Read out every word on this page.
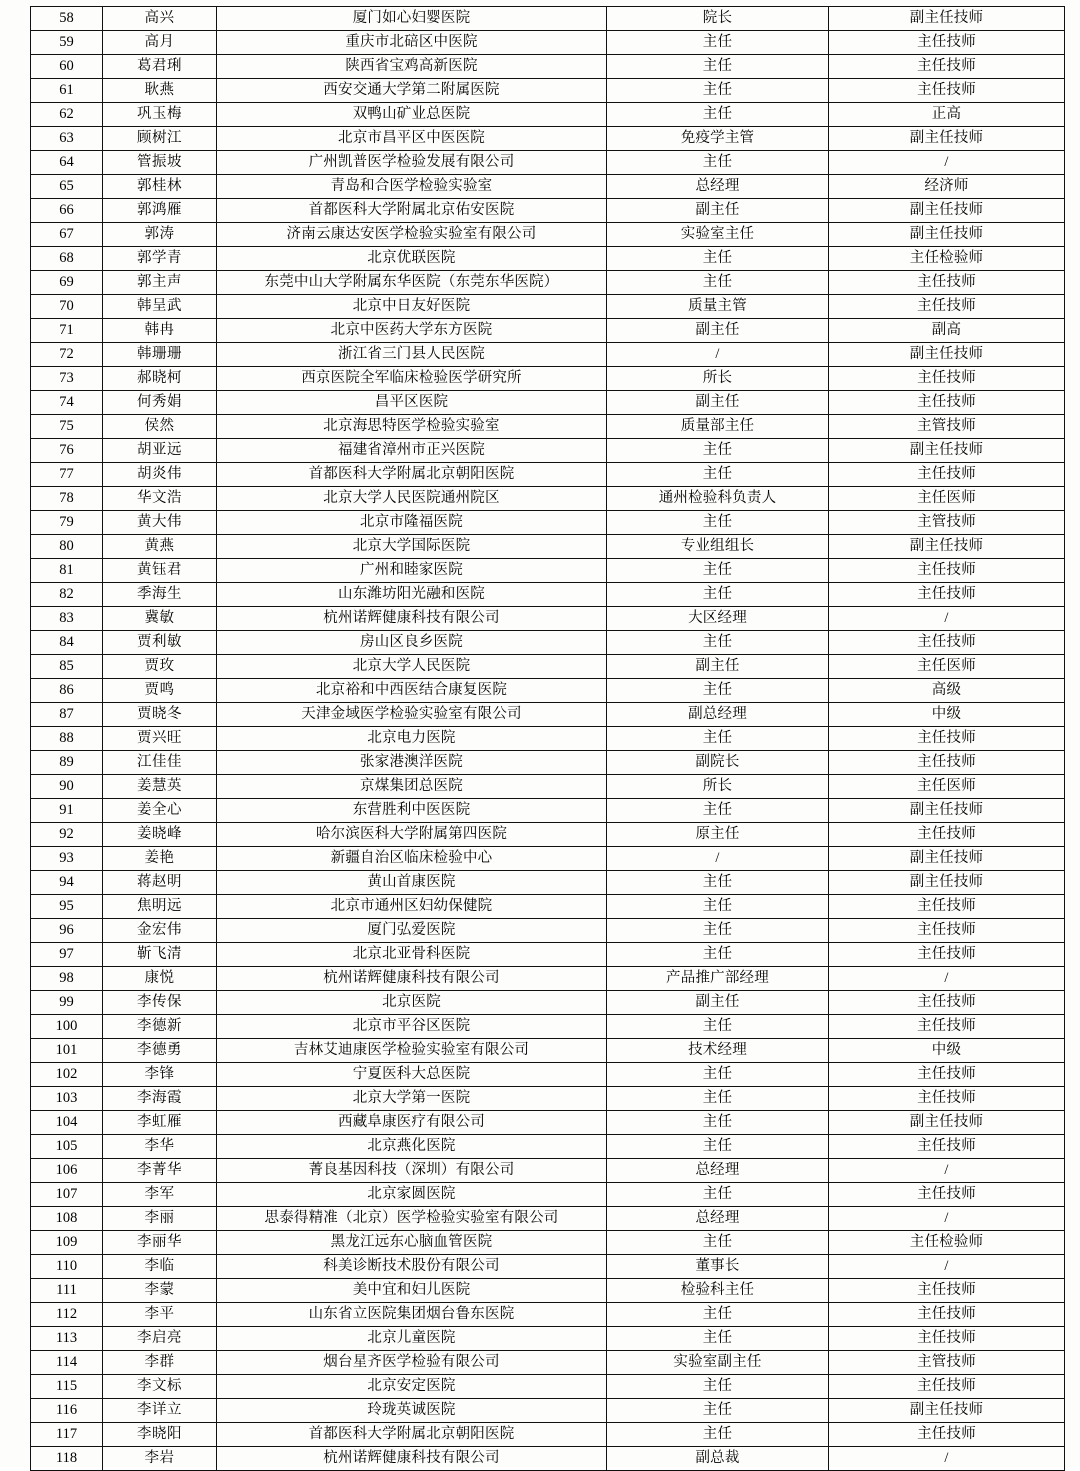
58	高兴	厦门如心妇婴医院	院长	副主任技师
59	高月	重庆市北碚区中医院	主任	主任技师
60	葛君琍	陕西省宝鸡高新医院	主任	主任技师
61	耿燕	西安交通大学第二附属医院	主任	主任技师
62	巩玉梅	双鸭山矿业总医院	主任	正高
63	顾树江	北京市昌平区中医医院	免疫学主管	副主任技师
64	管振坡	广州凯普医学检验发展有限公司	主任	/
65	郭桂林	青岛和合医学检验实验室	总经理	经济师
66	郭鸿雁	首都医科大学附属北京佑安医院	副主任	副主任技师
67	郭涛	济南云康达安医学检验实验室有限公司	实验室主任	副主任技师
68	郭学青	北京优联医院	主任	主任检验师
69	郭主声	东莞中山大学附属东华医院（东莞东华医院）	主任	主任技师
70	韩呈武	北京中日友好医院	质量主管	主任技师
71	韩冉	北京中医药大学东方医院	副主任	副高
72	韩珊珊	浙江省三门县人民医院	/	副主任技师
73	郝晓柯	西京医院全军临床检验医学研究所	所长	主任技师
74	何秀娟	昌平区医院	副主任	主任技师
75	侯然	北京海思特医学检验实验室	质量部主任	主管技师
76	胡亚远	福建省漳州市正兴医院	主任	副主任技师
77	胡炎伟	首都医科大学附属北京朝阳医院	主任	主任技师
78	华文浩	北京大学人民医院通州院区	通州检验科负责人	主任医师
79	黄大伟	北京市隆福医院	主任	主管技师
80	黄燕	北京大学国际医院	专业组组长	副主任技师
81	黄钰君	广州和睦家医院	主任	主任技师
82	季海生	山东潍坊阳光融和医院	主任	主任技师
83	冀敏	杭州诺辉健康科技有限公司	大区经理	/
84	贾利敏	房山区良乡医院	主任	主任技师
85	贾玫	北京大学人民医院	副主任	主任医师
86	贾鸣	北京裕和中西医结合康复医院	主任	高级
87	贾晓冬	天津金域医学检验实验室有限公司	副总经理	中级
88	贾兴旺	北京电力医院	主任	主任技师
89	江佳佳	张家港澳洋医院	副院长	主任技师
90	姜慧英	京煤集团总医院	所长	主任医师
91	姜全心	东营胜利中医医院	主任	副主任技师
92	姜晓峰	哈尔滨医科大学附属第四医院	原主任	主任技师
93	姜艳	新疆自治区临床检验中心	/	副主任技师
94	蒋赵明	黄山首康医院	主任	副主任技师
95	焦明远	北京市通州区妇幼保健院	主任	主任技师
96	金宏伟	厦门弘爱医院	主任	主任技师
97	靳飞清	北京北亚骨科医院	主任	主任技师
98	康悦	杭州诺辉健康科技有限公司	产品推广部经理	/
99	李传保	北京医院	副主任	主任技师
100	李德新	北京市平谷区医院	主任	主任技师
101	李德勇	吉林艾迪康医学检验实验室有限公司	技术经理	中级
102	李锋	宁夏医科大总医院	主任	主任技师
103	李海霞	北京大学第一医院	主任	主任技师
104	李虹雁	西藏阜康医疗有限公司	主任	副主任技师
105	李华	北京燕化医院	主任	主任技师
106	李菁华	菁良基因科技（深圳）有限公司	总经理	/
107	李军	北京家圆医院	主任	主任技师
108	李丽	思泰得精准（北京）医学检验实验室有限公司	总经理	/
109	李丽华	黑龙江远东心脑血管医院	主任	主任检验师
110	李临	科美诊断技术股份有限公司	董事长	/
111	李蒙	美中宜和妇儿医院	检验科主任	主任技师
112	李平	山东省立医院集团烟台鲁东医院	主任	主任技师
113	李启亮	北京儿童医院	主任	主任技师
114	李群	烟台星齐医学检验有限公司	实验室副主任	主管技师
115	李文标	北京安定医院	主任	主任技师
116	李详立	玲珑英诚医院	主任	副主任技师
117	李晓阳	首都医科大学附属北京朝阳医院	主任	主任技师
118	李岩	杭州诺辉健康科技有限公司	副总裁	/
